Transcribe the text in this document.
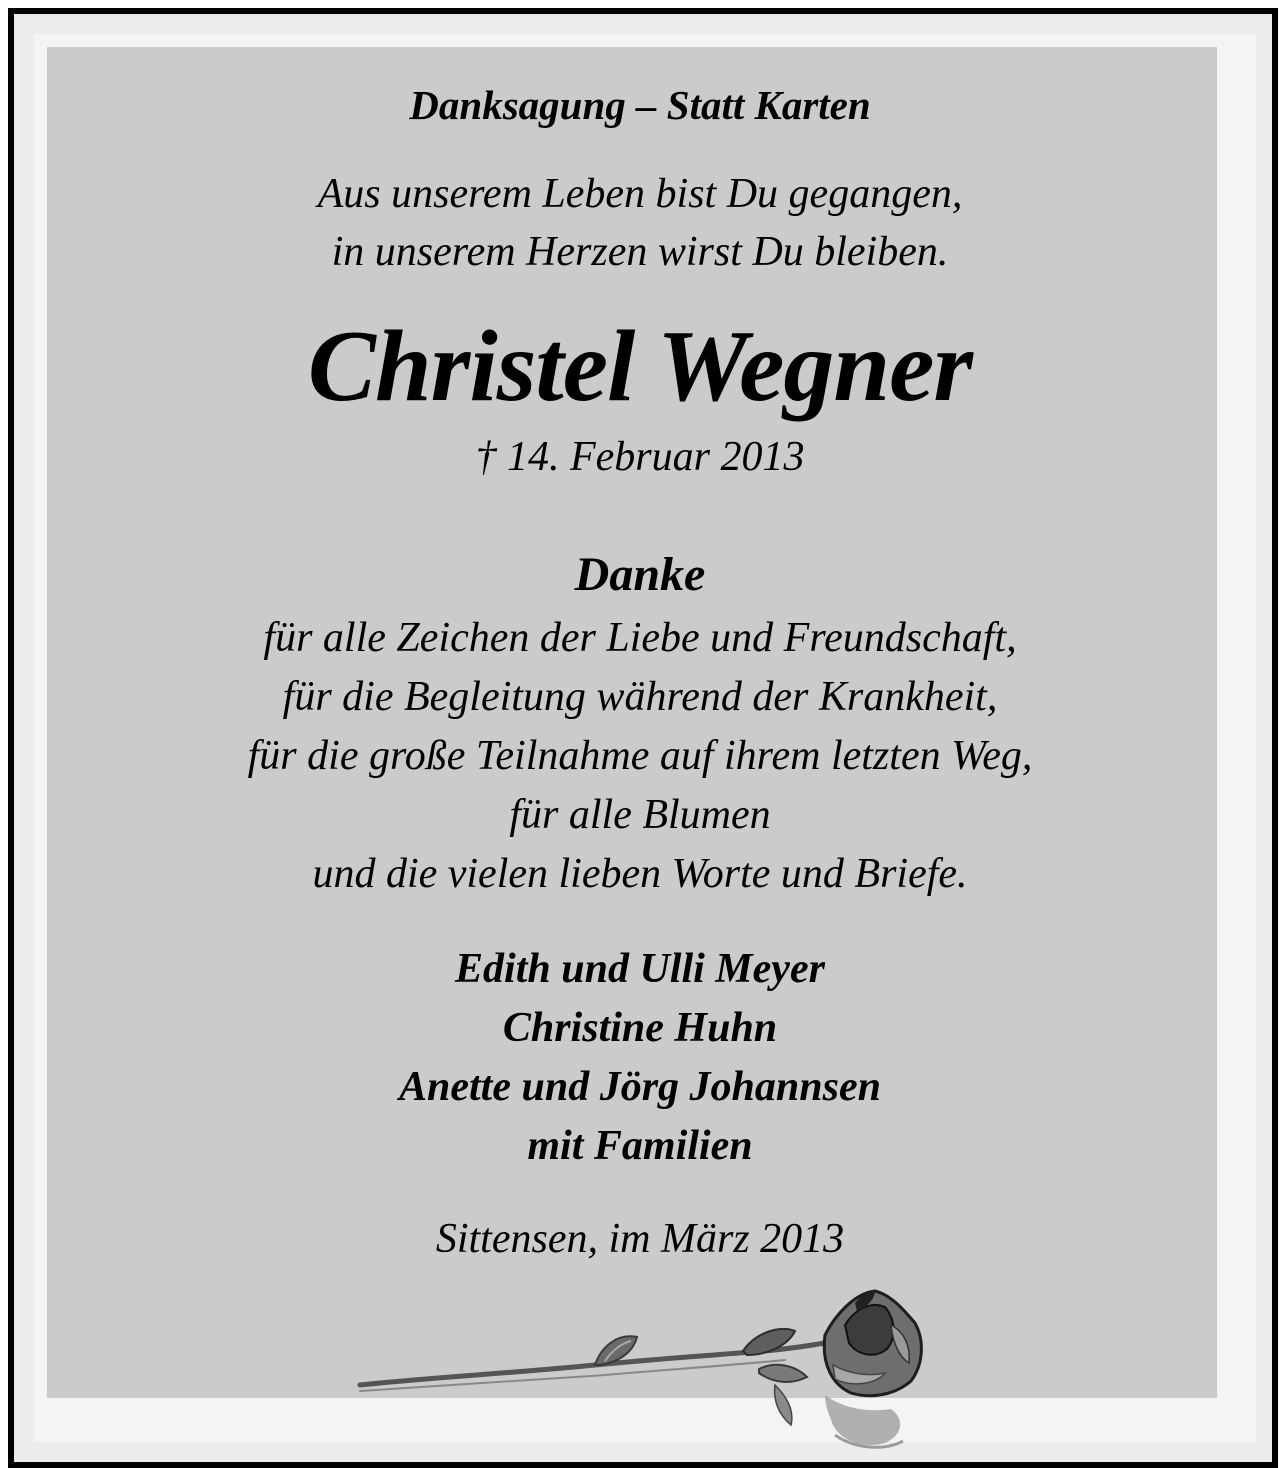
Danksagung – Statt Karten
Aus unserem Leben bist Du gegangen,
in unserem Herzen wirst Du bleiben.
Christel Wegner
† 14. Februar 2013
Danke
für alle Zeichen der Liebe und Freundschaft,
für die Begleitung während der Krankheit,
für die große Teilnahme auf ihrem letzten Weg,
für alle Blumen
und die vielen lieben Worte und Briefe.
Edith und Ulli Meyer
Christine Huhn
Anette und Jörg Johannsen
mit Familien
Sittensen, im März 2013
